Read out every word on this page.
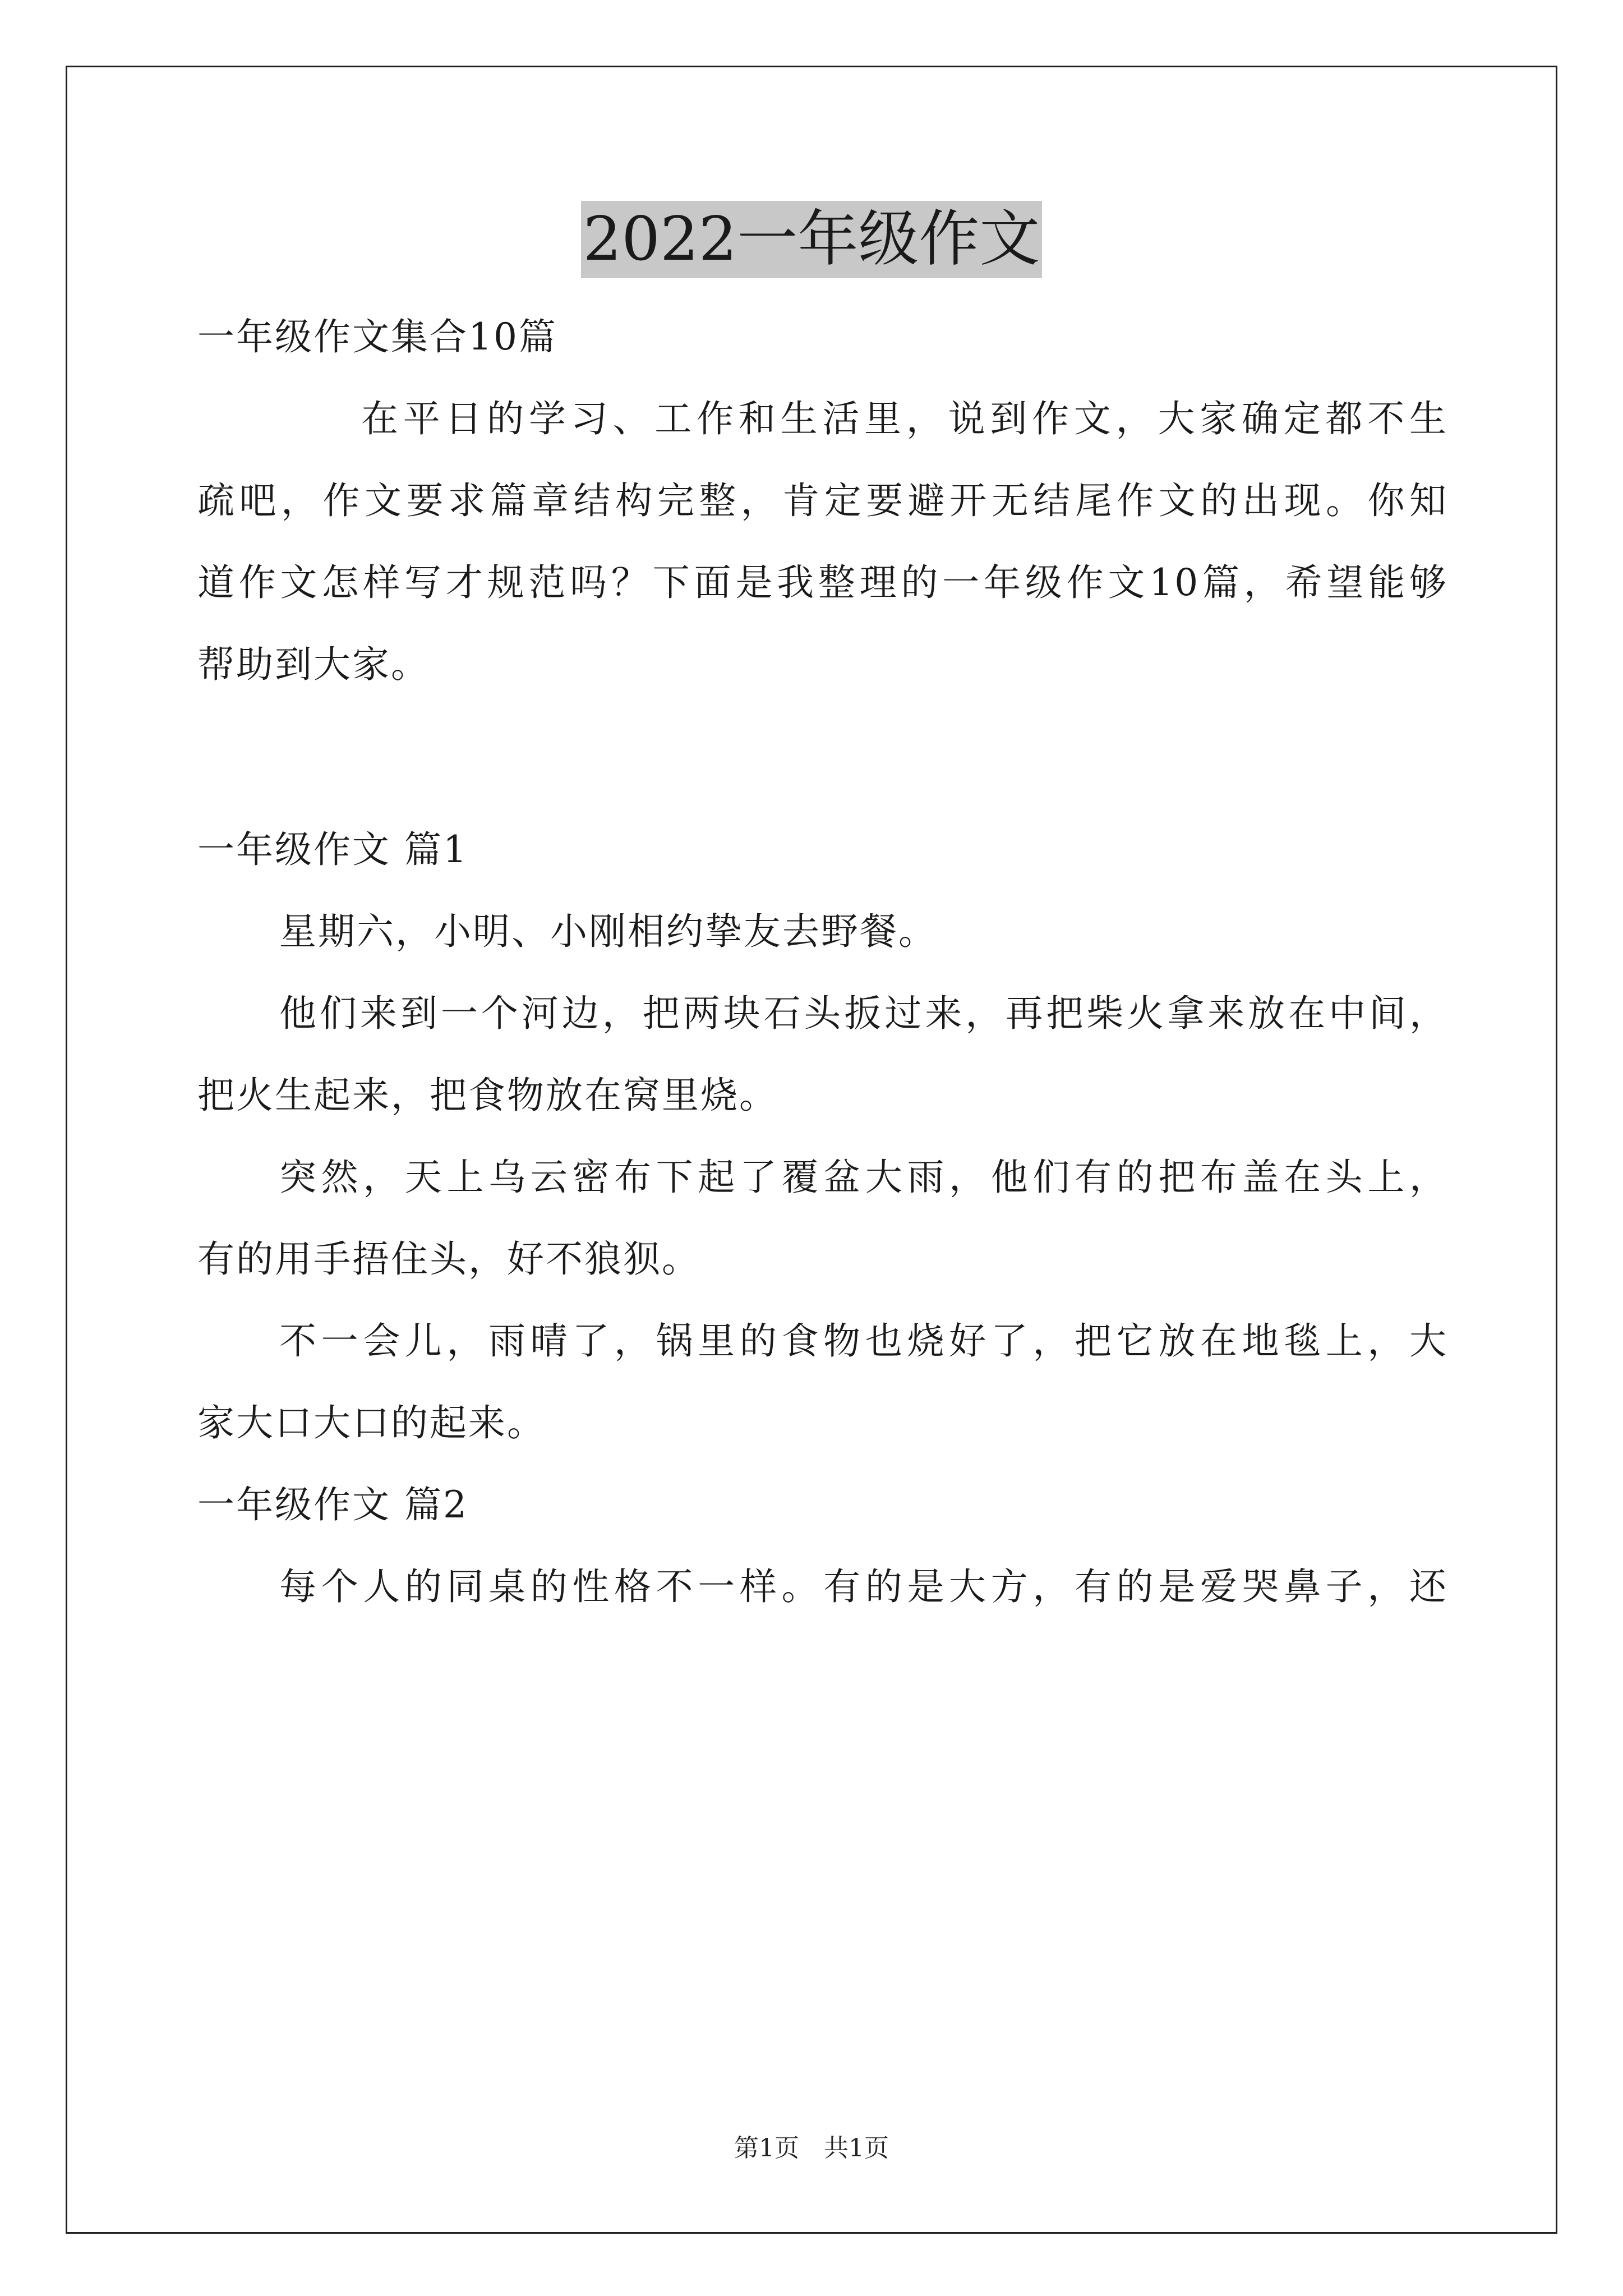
2022一年级作文
一年级作文集合10篇
在平日的学习、工作和生活里，说到作文，大家确定都不生
疏吧，作文要求篇章结构完整，肯定要避开无结尾作文的出现。你知
道作文怎样写才规范吗？下面是我整理的一年级作文10篇，希望能够
帮助到大家。
一年级作文 篇1
星期六，小明、小刚相约挚友去野餐。
他们来到一个河边，把两块石头扳过来，再把柴火拿来放在中间，
把火生起来，把食物放在窝里烧。
突然，天上乌云密布下起了覆盆大雨，他们有的把布盖在头上，
有的用手捂住头，好不狼狈。
不一会儿，雨晴了，锅里的食物也烧好了，把它放在地毯上，大
家大口大口的起来。
一年级作文 篇2
每个人的同桌的性格不一样。有的是大方，有的是爱哭鼻子，还
第1页 共1页
